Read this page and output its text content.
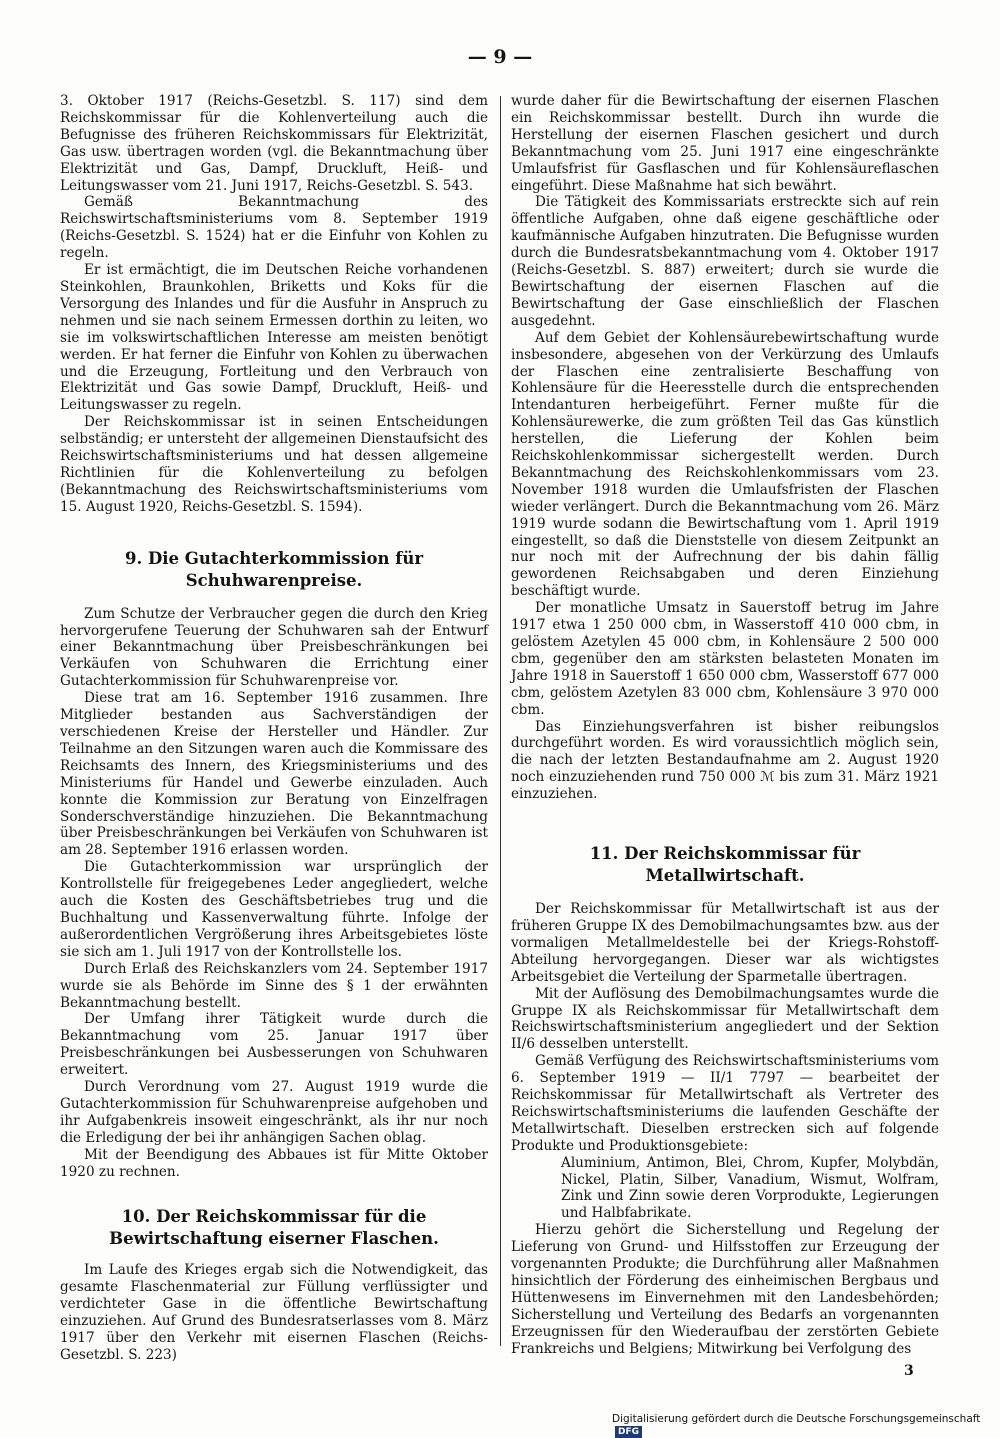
— 9 —

3. Oktober 1917 (Reichs-Gesetzbl. S. 117) sind dem Reichskommissar für die Kohlenverteilung auch die Befugnisse des früheren Reichskommissars für Elektrizität, Gas usw. übertragen worden (vgl. die Bekanntmachung über Elektrizität und Gas, Dampf, Druckluft, Heiß- und Leitungswasser vom 21. Juni 1917, Reichs-Gesetzbl. S. 543.

Gemäß Bekanntmachung des Reichswirtschaftsministeriums vom 8. September 1919 (Reichs-Gesetzbl. S. 1524) hat er die Einfuhr von Kohlen zu regeln.

Er ist ermächtigt, die im Deutschen Reiche vorhandenen Steinkohlen, Braunkohlen, Briketts und Koks für die Versorgung des Inlandes und für die Ausfuhr in Anspruch zu nehmen und sie nach seinem Ermessen dorthin zu leiten, wo sie im volkswirtschaftlichen Interesse am meisten benötigt werden. Er hat ferner die Einfuhr von Kohlen zu überwachen und die Erzeugung, Fortleitung und den Verbrauch von Elektrizität und Gas sowie Dampf, Druckluft, Heiß- und Leitungswasser zu regeln.

Der Reichskommissar ist in seinen Entscheidungen selbständig; er untersteht der allgemeinen Dienstaufsicht des Reichswirtschaftsministeriums und hat dessen allgemeine Richtlinien für die Kohlenverteilung zu befolgen (Bekanntmachung des Reichswirtschaftsministeriums vom 15. August 1920, Reichs-Gesetzbl. S. 1594).

9. Die Gutachterkommission für Schuhwarenpreise.

Zum Schutze der Verbraucher gegen die durch den Krieg hervorgerufene Teuerung der Schuhwaren sah der Entwurf einer Bekanntmachung über Preisbeschränkungen bei Verkäufen von Schuhwaren die Errichtung einer Gutachterkommission für Schuhwarenpreise vor.

Diese trat am 16. September 1916 zusammen. Ihre Mitglieder bestanden aus Sachverständigen der verschiedenen Kreise der Hersteller und Händler. Zur Teilnahme an den Sitzungen waren auch die Kommissare des Reichsamts des Innern, des Kriegsministeriums und des Ministeriums für Handel und Gewerbe einzuladen. Auch konnte die Kommission zur Beratung von Einzelfragen Sonderschverständige hinzuziehen. Die Bekanntmachung über Preisbeschränkungen bei Verkäufen von Schuhwaren ist am 28. September 1916 erlassen worden.

Die Gutachterkommission war ursprünglich der Kontrollstelle für freigegebenes Leder angegliedert, welche auch die Kosten des Geschäftsbetriebes trug und die Buchhaltung und Kassenverwaltung führte. Infolge der außerordentlichen Vergrößerung ihres Arbeitsgebietes löste sie sich am 1. Juli 1917 von der Kontrollstelle los.

Durch Erlaß des Reichskanzlers vom 24. September 1917 wurde sie als Behörde im Sinne des § 1 der erwähnten Bekanntmachung bestellt.

Der Umfang ihrer Tätigkeit wurde durch die Bekanntmachung vom 25. Januar 1917 über Preisbeschränkungen bei Ausbesserungen von Schuhwaren erweitert.

Durch Verordnung vom 27. August 1919 wurde die Gutachterkommission für Schuhwarenpreise aufgehoben und ihr Aufgabenkreis insoweit eingeschränkt, als ihr nur noch die Erledigung der bei ihr anhängigen Sachen oblag.

Mit der Beendigung des Abbaues ist für Mitte Oktober 1920 zu rechnen.

10. Der Reichskommissar für die Bewirtschaftung eiserner Flaschen.

Im Laufe des Krieges ergab sich die Notwendigkeit, das gesamte Flaschenmaterial zur Füllung verflüssigter und verdichteter Gase in die öffentliche Bewirtschaftung einzuziehen. Auf Grund des Bundesratserlasses vom 8. März 1917 über den Verkehr mit eisernen Flaschen (Reichs-Gesetzbl. S. 223)

wurde daher für die Bewirtschaftung der eisernen Flaschen ein Reichskommissar bestellt. Durch ihn wurde die Herstellung der eisernen Flaschen gesichert und durch Bekanntmachung vom 25. Juni 1917 eine eingeschränkte Umlaufsfrist für Gasflaschen und für Kohlensäureflaschen eingeführt. Diese Maßnahme hat sich bewährt.

Die Tätigkeit des Kommissariats erstreckte sich auf rein öffentliche Aufgaben, ohne daß eigene geschäftliche oder kaufmännische Aufgaben hinzutraten. Die Befugnisse wurden durch die Bundesratsbekanntmachung vom 4. Oktober 1917 (Reichs-Gesetzbl. S. 887) erweitert; durch sie wurde die Bewirtschaftung der eisernen Flaschen auf die Bewirtschaftung der Gase einschließlich der Flaschen ausgedehnt.

Auf dem Gebiet der Kohlensäurebewirtschaftung wurde insbesondere, abgesehen von der Verkürzung des Umlaufs der Flaschen eine zentralisierte Beschaffung von Kohlensäure für die Heeresstelle durch die entsprechenden Intendanturen herbeigeführt. Ferner mußte für die Kohlensäurewerke, die zum größten Teil das Gas künstlich herstellen, die Lieferung der Kohlen beim Reichskohlenkommissar sichergestellt werden. Durch Bekanntmachung des Reichskohlenkommissars vom 23. November 1918 wurden die Umlaufsfristen der Flaschen wieder verlängert. Durch die Bekanntmachung vom 26. März 1919 wurde sodann die Bewirtschaftung vom 1. April 1919 eingestellt, so daß die Dienststelle von diesem Zeitpunkt an nur noch mit der Aufrechnung der bis dahin fällig gewordenen Reichsabgaben und deren Einziehung beschäftigt wurde.

Der monatliche Umsatz in Sauerstoff betrug im Jahre 1917 etwa 1 250 000 cbm, in Wasserstoff 410 000 cbm, in gelöstem Azetylen 45 000 cbm, in Kohlensäure 2 500 000 cbm, gegenüber den am stärksten belasteten Monaten im Jahre 1918 in Sauerstoff 1 650 000 cbm, Wasserstoff 677 000 cbm, gelöstem Azetylen 83 000 cbm, Kohlensäure 3 970 000 cbm.

Das Einziehungsverfahren ist bisher reibungslos durchgeführt worden. Es wird voraussichtlich möglich sein, die nach der letzten Bestandaufnahme am 2. August 1920 noch einzuziehenden rund 750 000 ℳ bis zum 31. März 1921 einzuziehen.

11. Der Reichskommissar für Metallwirtschaft.

Der Reichskommissar für Metallwirtschaft ist aus der früheren Gruppe IX des Demobilmachungsamtes bzw. aus der vormaligen Metallmeldestelle bei der Kriegs-Rohstoff-Abteilung hervorgegangen. Dieser war als wichtigstes Arbeitsgebiet die Verteilung der Sparmetalle übertragen.

Mit der Auflösung des Demobilmachungsamtes wurde die Gruppe IX als Reichskommissar für Metallwirtschaft dem Reichswirtschaftsministerium angegliedert und der Sektion II/6 desselben unterstellt.

Gemäß Verfügung des Reichswirtschaftsministeriums vom 6. September 1919 — II/1 7797 — bearbeitet der Reichskommissar für Metallwirtschaft als Vertreter des Reichswirtschaftsministeriums die laufenden Geschäfte der Metallwirtschaft. Dieselben erstrecken sich auf folgende Produkte und Produktionsgebiete:

Aluminium, Antimon, Blei, Chrom, Kupfer, Molybdän, Nickel, Platin, Silber, Vanadium, Wismut, Wolfram, Zink und Zinn sowie deren Vorprodukte, Legierungen und Halbfabrikate.

Hierzu gehört die Sicherstellung und Regelung der Lieferung von Grund- und Hilfsstoffen zur Erzeugung der vorgenannten Produkte; die Durchführung aller Maßnahmen hinsichtlich der Förderung des einheimischen Bergbaus und Hüttenwesens im Einvernehmen mit den Landesbehörden; Sicherstellung und Verteilung des Bedarfs an vorgenannten Erzeugnissen für den Wiederaufbau der zerstörten Gebiete Frankreichs und Belgiens; Mitwirkung bei Verfolgung des

3
Digitalisierung gefördert durch die Deutsche ForschungsgemeinschaftDFG
